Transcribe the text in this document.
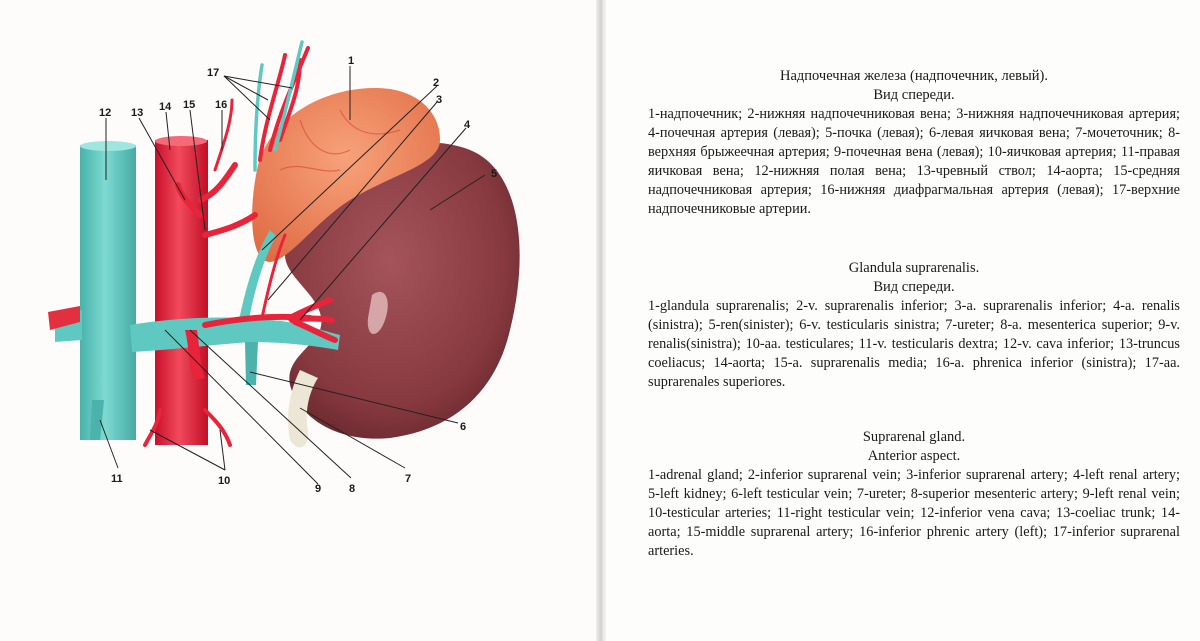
1
2
3
4
5
6
7
8
9
10
11
12 13 14 15 16
17	Надпочечная железа (надпочечник, левый).
Вид спереди.
1-надпочечник; 2-нижняя надпочечниковая вена; 3-нижняя надпочечниковая артерия; 4-почечная артерия (левая); 5-почка (левая); 6-левая яичковая вена; 7-мочеточник; 8-верхняя брыжеечная артерия; 9-почечная вена (левая); 10-яичковая артерия; 11-правая яичковая вена; 12-нижняя полая вена; 13-чревный ствол; 14-аорта; 15-средняя надпочечниковая артерия; 16-нижняя диафрагмальная артерия (левая); 17-верхние надпочечниковые артерии.
Glandula suprarenalis.
Вид спереди.
1-glandula suprarenalis; 2-v. suprarenalis inferior; 3-a. suprarenalis inferior; 4-a. renalis (sinistra); 5-ren(sinister); 6-v. testicularis sinistra; 7-ureter; 8-a. mesenterica superior; 9-v. renalis(sinistra); 10-aa. testiculares; 11-v. testicularis dextra; 12-v. cava inferior; 13-truncus coeliacus; 14-aorta; 15-a. suprarenalis media; 16-a. phrenica inferior (sinistra); 17-aa. suprarenales superiores.
Suprarenal gland.
Anterior aspect.
1-adrenal gland; 2-inferior suprarenal vein; 3-inferior suprarenal artery; 4-left renal artery; 5-left kidney; 6-left testicular vein; 7-ureter; 8-superior mesenteric artery; 9-left renal vein; 10-testicular arteries; 11-right testicular vein; 12-inferior vena cava; 13-coeliac trunk; 14-aorta; 15-middle suprarenal artery; 16-inferior phrenic artery (left); 17-inferior suprarenal arteries.
